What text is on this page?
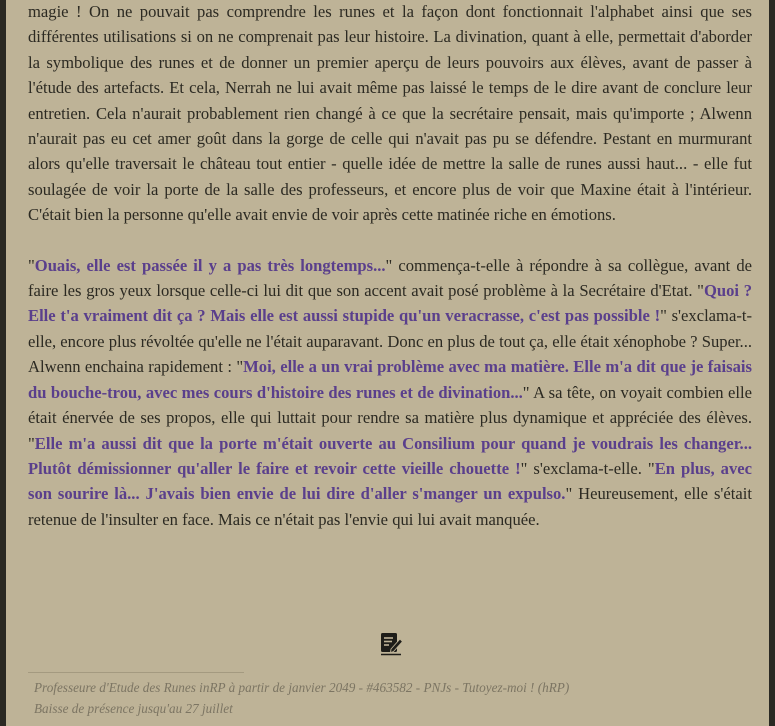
magie ! On ne pouvait pas comprendre les runes et la façon dont fonctionnait l'alphabet ainsi que ses différentes utilisations si on ne comprenait pas leur histoire. La divination, quant à elle, permettait d'aborder la symbolique des runes et de donner un premier aperçu de leurs pouvoirs aux élèves, avant de passer à l'étude des artefacts. Et cela, Nerrah ne lui avait même pas laissé le temps de le dire avant de conclure leur entretien. Cela n'aurait probablement rien changé à ce que la secrétaire pensait, mais qu'importe ; Alwenn n'aurait pas eu cet amer goût dans la gorge de celle qui n'avait pas pu se défendre. Pestant en murmurant alors qu'elle traversait le château tout entier - quelle idée de mettre la salle de runes aussi haut... - elle fut soulagée de voir la porte de la salle des professeurs, et encore plus de voir que Maxine était à l'intérieur. C'était bien la personne qu'elle avait envie de voir après cette matinée riche en émotions.

"Ouais, elle est passée il y a pas très longtemps..." commença-t-elle à répondre à sa collègue, avant de faire les gros yeux lorsque celle-ci lui dit que son accent avait posé problème à la Secrétaire d'Etat. "Quoi ? Elle t'a vraiment dit ça ? Mais elle est aussi stupide qu'un veracrasse, c'est pas possible !" s'exclama-t-elle, encore plus révoltée qu'elle ne l'était auparavant. Donc en plus de tout ça, elle était xénophobe ? Super... Alwenn enchaina rapidement : "Moi, elle a un vrai problème avec ma matière. Elle m'a dit que je faisais du bouche-trou, avec mes cours d'histoire des runes et de divination..." A sa tête, on voyait combien elle était énervée de ses propos, elle qui luttait pour rendre sa matière plus dynamique et appréciée des élèves. "Elle m'a aussi dit que la porte m'était ouverte au Consilium pour quand je voudrais les changer... Plutôt démissionner qu'aller le faire et revoir cette vieille chouette !" s'exclama-t-elle. "En plus, avec son sourire là... J'avais bien envie de lui dire d'aller s'manger un expulso." Heureusement, elle s'était retenue de l'insulter en face. Mais ce n'était pas l'envie qui lui avait manquée.

Professeure d'Etude des Runes inRP à partir de janvier 2049 - #463582 - PNJs - Tutoyez-moi ! (hRP)
Baisse de présence jusqu'au 27 juillet
